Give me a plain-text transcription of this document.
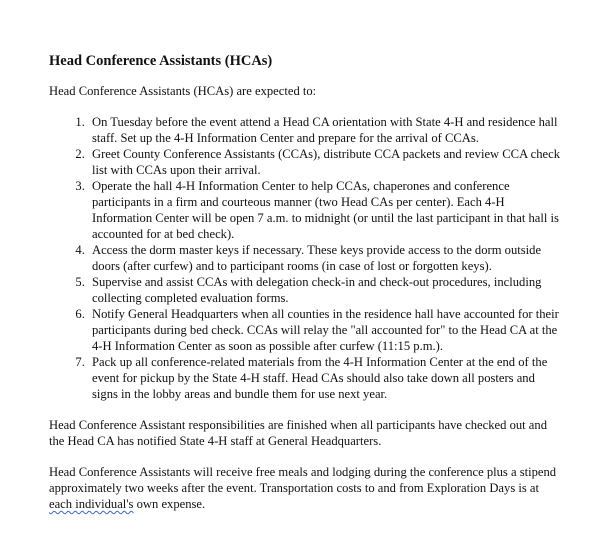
Head Conference Assistants (HCAs)
Head Conference Assistants (HCAs) are expected to:
1. On Tuesday before the event attend a Head CA orientation with State 4-H and residence hall staff. Set up the 4-H Information Center and prepare for the arrival of CCAs.
2. Greet County Conference Assistants (CCAs), distribute CCA packets and review CCA check list with CCAs upon their arrival.
3. Operate the hall 4-H Information Center to help CCAs, chaperones and conference participants in a firm and courteous manner (two Head CAs per center). Each 4-H Information Center will be open 7 a.m. to midnight (or until the last participant in that hall is accounted for at bed check).
4. Access the dorm master keys if necessary. These keys provide access to the dorm outside doors (after curfew) and to participant rooms (in case of lost or forgotten keys).
5. Supervise and assist CCAs with delegation check-in and check-out procedures, including collecting completed evaluation forms.
6. Notify General Headquarters when all counties in the residence hall have accounted for their participants during bed check. CCAs will relay the "all accounted for" to the Head CA at the 4-H Information Center as soon as possible after curfew (11:15 p.m.).
7. Pack up all conference-related materials from the 4-H Information Center at the end of the event for pickup by the State 4-H staff. Head CAs should also take down all posters and signs in the lobby areas and bundle them for use next year.
Head Conference Assistant responsibilities are finished when all participants have checked out and the Head CA has notified State 4-H staff at General Headquarters.
Head Conference Assistants will receive free meals and lodging during the conference plus a stipend approximately two weeks after the event. Transportation costs to and from Exploration Days is at each individual's own expense.
